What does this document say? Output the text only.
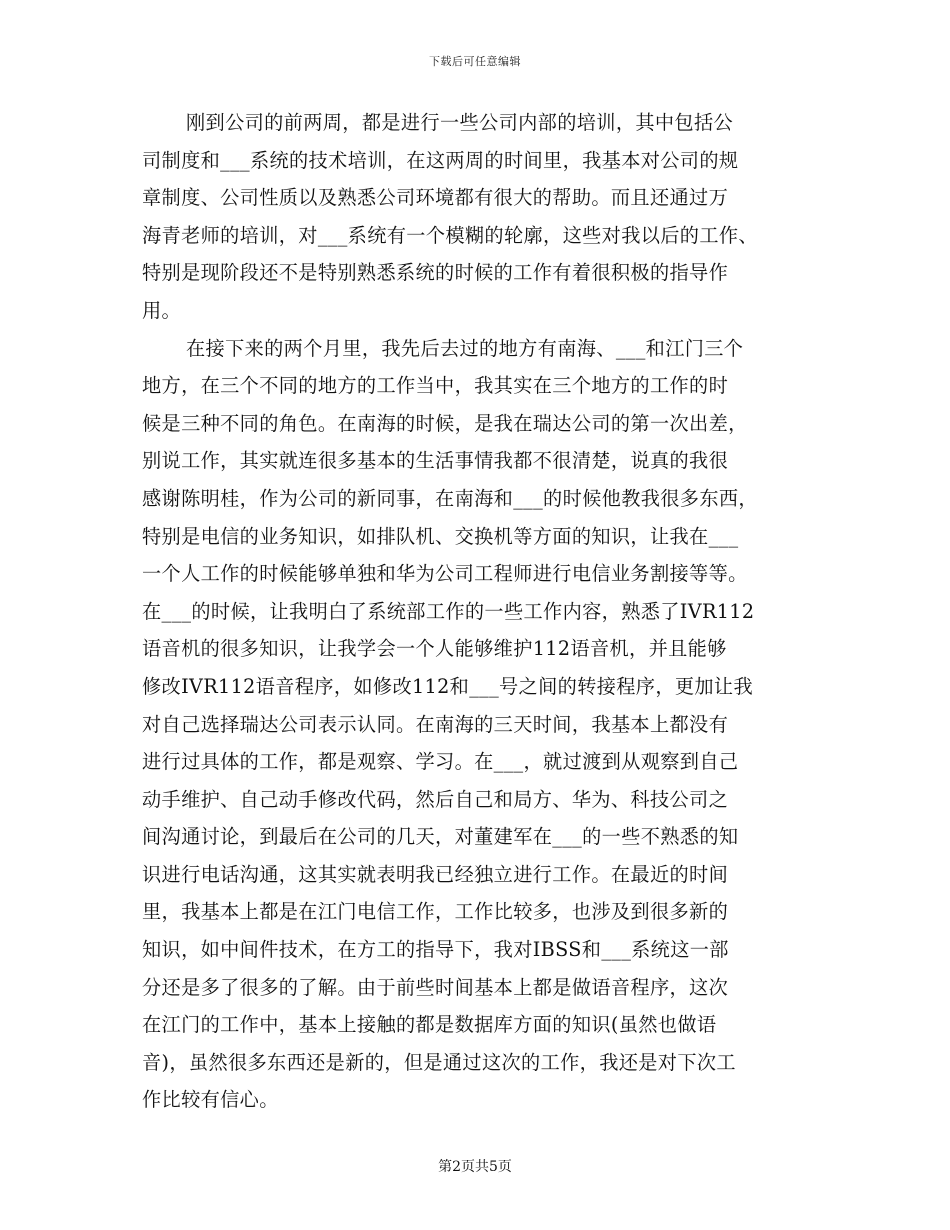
下载后可任意编辑
刚到公司的前两周，都是进行一些公司内部的培训，其中包括公
司制度和___系统的技术培训，在这两周的时间里，我基本对公司的规
章制度、公司性质以及熟悉公司环境都有很大的帮助。而且还通过万
海青老师的培训，对___系统有一个模糊的轮廓，这些对我以后的工作、
特别是现阶段还不是特别熟悉系统的时候的工作有着很积极的指导作
用。
在接下来的两个月里，我先后去过的地方有南海、___和江门三个
地方，在三个不同的地方的工作当中，我其实在三个地方的工作的时
候是三种不同的角色。在南海的时候，是我在瑞达公司的第一次出差，
别说工作，其实就连很多基本的生活事情我都不很清楚，说真的我很
感谢陈明桂，作为公司的新同事，在南海和___的时候他教我很多东西，
特别是电信的业务知识，如排队机、交换机等方面的知识，让我在___
一个人工作的时候能够单独和华为公司工程师进行电信业务割接等等。
在___的时候，让我明白了系统部工作的一些工作内容，熟悉了IVR112
语音机的很多知识，让我学会一个人能够维护112语音机，并且能够
修改IVR112语音程序，如修改112和___号之间的转接程序，更加让我
对自己选择瑞达公司表示认同。在南海的三天时间，我基本上都没有
进行过具体的工作，都是观察、学习。在___，就过渡到从观察到自己
动手维护、自己动手修改代码，然后自己和局方、华为、科技公司之
间沟通讨论，到最后在公司的几天，对董建军在___的一些不熟悉的知
识进行电话沟通，这其实就表明我已经独立进行工作。在最近的时间
里，我基本上都是在江门电信工作，工作比较多，也涉及到很多新的
知识，如中间件技术，在方工的指导下，我对IBSS和___系统这一部
分还是多了很多的了解。由于前些时间基本上都是做语音程序，这次
在江门的工作中，基本上接触的都是数据库方面的知识(虽然也做语
音)，虽然很多东西还是新的，但是通过这次的工作，我还是对下次工
作比较有信心。
第2页共5页
